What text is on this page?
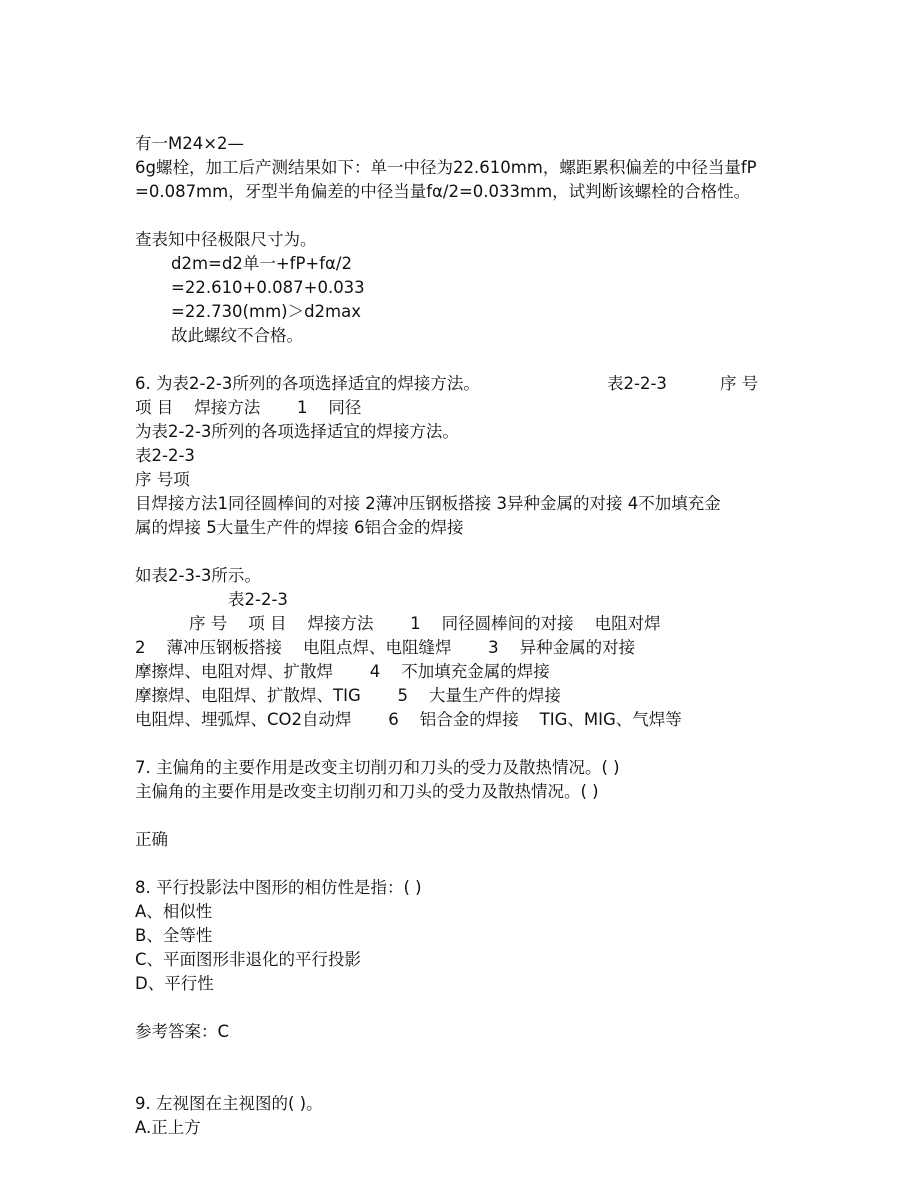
有一M24×2—
6g螺栓，加工后产测结果如下：单一中径为22.610mm，螺距累积偏差的中径当量fP
=0.087mm，牙型半角偏差的中径当量fα/2=0.033mm，试判断该螺栓的合格性。
查表知中径极限尺寸为。
d2m=d2单一+fP+fα/2
=22.610+0.087+0.033
=22.730(mm)＞d2max
故此螺纹不合格。
6. 为表2-2-3所列的各项选择适宜的焊接方法。	表2-2-3	序 号
项 目    焊接方法       1    同径
为表2-2-3所列的各项选择适宜的焊接方法。
表2-2-3
序 号项
目焊接方法1同径圆棒间的对接 2薄冲压钢板搭接 3异种金属的对接 4不加填充金
属的焊接 5大量生产件的焊接 6铝合金的焊接
如表2-3-3所示。
表2-2-3
序 号    项 目    焊接方法       1    同径圆棒间的对接    电阻对焊
2    薄冲压钢板搭接    电阻点焊、电阻缝焊       3    异种金属的对接
摩擦焊、电阻对焊、扩散焊       4    不加填充金属的焊接
摩擦焊、电阻焊、扩散焊、TIG       5    大量生产件的焊接
电阻焊、埋弧焊、CO2自动焊       6    铝合金的焊接    TIG、MIG、气焊等
7. 主偏角的主要作用是改变主切削刃和刀头的受力及散热情况。( )
主偏角的主要作用是改变主切削刃和刀头的受力及散热情况。( )
正确
8. 平行投影法中图形的相仿性是指：( )
A、相似性
B、全等性
C、平面图形非退化的平行投影
D、平行性
参考答案：C
9. 左视图在主视图的( )。
A.正上方
